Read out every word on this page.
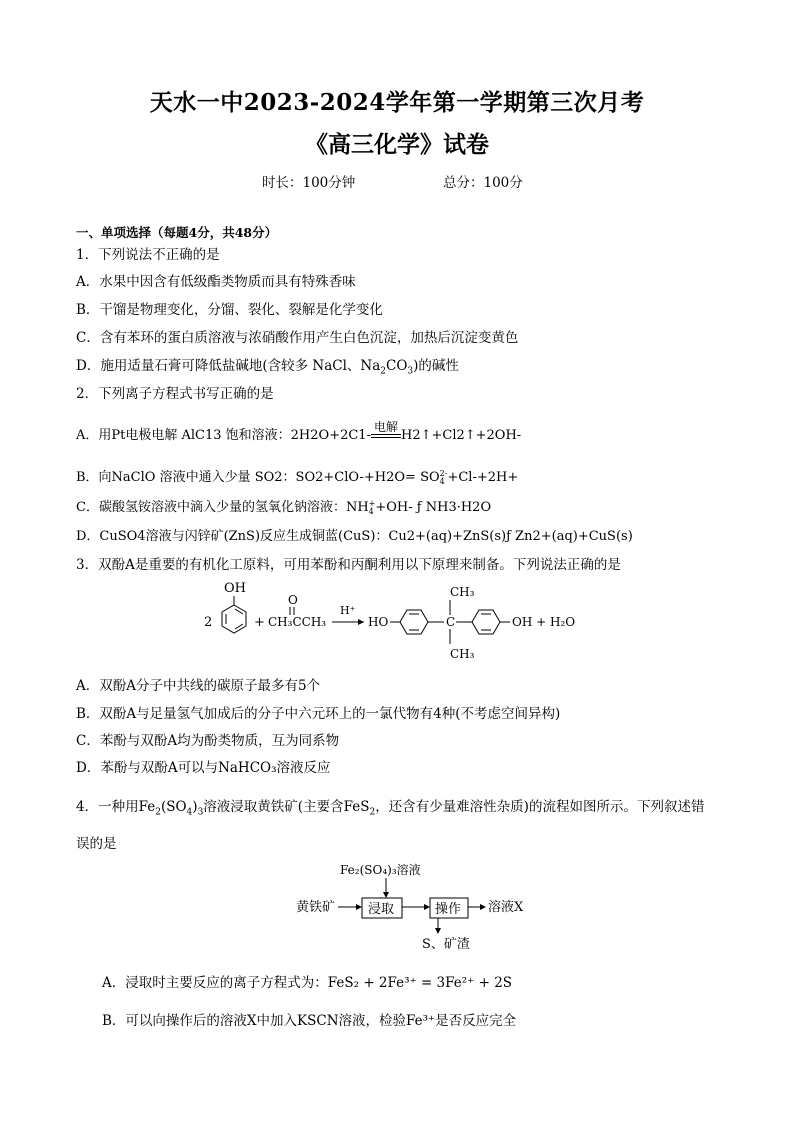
天水一中2023-2024学年第一学期第三次月考
《高三化学》试卷
时长：100分钟	总分：100分
一、单项选择（每题4分，共48分）
1．下列说法不正确的是
A．水果中因含有低级酯类物质而具有特殊香味
B．干馏是物理变化，分馏、裂化、裂解是化学变化
C．含有苯环的蛋白质溶液与浓硝酸作用产生白色沉淀，加热后沉淀变黄色
D．施用适量石膏可降低盐碱地(含较多 NaCl、$Na_2CO_3$)的碱性
2．下列离子方程式书写正确的是
A．用Pt电极电解 AlC13 饱和溶液：2H2O+2C1-
电解
H2↑+Cl2↑+2OH-
B．向NaClO 溶液中通入少量 SO2：SO2+ClO-+H2O= SO 2-
4 +Cl-+2H+
C．碳酸氢铵溶液中滴入少量的氢氧化钠溶液：NH +
4 +OH- ƒ NH3·H2O
D．CuSO4溶液与闪锌矿(ZnS)反应生成铜蓝(CuS)：Cu2+(aq)+ZnS(s)ƒ Zn2+(aq)+CuS(s)
3．双酚A是重要的有机化工原料，可用苯酚和丙酮利用以下原理来制备。下列说法正确的是
2
OH
+
O
CH₃CCH₃
H⁺
HO	C
CH₃
CH₃
OH + H₂O
A．双酚A分子中共线的碳原子最多有5个
B．双酚A与足量氢气加成后的分子中六元环上的一氯代物有4种(不考虑空间异构)
C．苯酚与双酚A均为酚类物质，互为同系物
D．苯酚与双酚A可以与NaHCO₃溶液反应
4．一种用$Fe_2(SO_4)_3$溶液浸取黄铁矿(主要含FeS$_2$，还含有少量难溶性杂质)的流程如图所示。下列叙述错
误的是
Fe₂(SO₄)₃溶液
黄铁矿	浸取	操作 溶液X
S、矿渣
A．浸取时主要反应的离子方程式为：FeS₂ + 2Fe³⁺ = 3Fe²⁺ + 2S
B．可以向操作后的溶液X中加入KSCN溶液，检验Fe³⁺是否反应完全
